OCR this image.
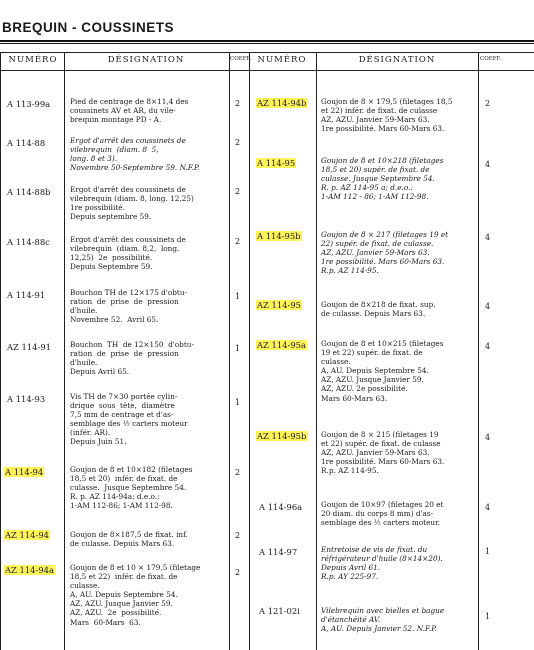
BREQUIN - COUSSINETS
NUMÉRO	DÉSIGNATION	COEFF. NUMÉRO	DÉSIGNATION	COEFF.
A 113-99a	Pied de centrage de 8×11,4 des
coussinets AV et AR, du vile-
brequin montage PD - A.
2
A 114-88	Ergot d'arrêt des coussinets de
vilebrequin  (diam. 8  5,
long. 8 et 3).
Novembre 50-Septembre 59. N.F.P.
2
A 114-88b	Ergot d'arrêt des coussinets de
vilebrequin (diam. 8, long. 12,25)
1re possibilité.
Depuis septembre 59.
2
A 114-88c	Ergot d'arrêt des coussinets de
vilebrequin  (diam. 8,2,  long.
12,25)  2e  possibilité.
Depuis Septembre 59.
2
A 114-91	Bouchon TH de 12×175 d'obtu-
ration  de  prise  de  pression
d'huile.
Novembre 52.  Avril 65.
1
AZ 114-91	Bouchon  TH  de 12×150  d'obtu-
ration  de  prise  de  pression
d'huile.
Depuis Avril 65.
1
A 114-93	Vis TH de 7×30 portée cylin-
drique  sous  tête,  diamètre
7,5 mm de centrage et d'as-
semblage des ½ carters moteur
(infér. AR).
Depuis Juin 51.
1
A 114-94	Goujon de 8 et 10×182 (filetages
18,5 et 20)  infér. de fixat. de
culasse.  Jusque Septembre 54.
R. p. AZ 114-94a; d.e.o.:
1-AM 112-86; 1-AM 112-98.
2
AZ 114-94	Goujon de 8×187,5 de fixat. inf.
de culasse. Depuis Mars 63.
2
AZ 114-94a Goujon de 8 et 10 × 179,5 (filetage
18,5 et 22)  infér. de fixat. de
culasse.
A, AU. Depuis Septembre 54.
AZ, AZU. Jusque Janvier 59.
AZ, AZU.  2e  possibilité.
Mars  60-Mars  63.
2
AZ 114-94b Goujon de 8 × 179,5 (filetages 18,5
et 22) infér. de fixat. de culasse
AZ, AZU. Janvier 59-Mars 63.
1re possibilité. Mars 60-Mars 63.
2
A 114-95	Goujon de 8 et 10×218 (filetages
18,5 et 20) supér. de fixat. de
culasse. Jusque Septembre 54.
R. p. AZ 114-95 a; d.e.o.:
1-AM 112 - 86; 1-AM 112-98.
4
A 114-95b	Goujon de 8 × 217 (filetages 19 et
22) supér. de fixat. de culasse.
AZ, AZU. Janvier 59-Mars 63.
1re possibilité. Mars 60-Mars 63.
R.p. AZ 114-95.
4
AZ 114-95	Goujon de 8×218 de fixat. sup.
de culasse. Depuis Mars 63.
4
AZ 114-95a Goujon de 8 et 10×215 (filetages
19 et 22) supér. de fixat. de
culasse.
A, AU. Depuis Septembre 54.
AZ, AZU. Jusque Janvier 59.
AZ, AZU. 2e possibilité.
Mars 60-Mars 63.
4
AZ 114-95b Goujon de 8 × 215 (filetages 19
et 22) supér. de fixat. de culasse
AZ, AZU. Janvier 59-Mars 63.
1re possibilité. Mars 60-Mars 63.
R.p. AZ 114-95.
4
A 114-96a	Goujon de 10×97 (filetages 20 et
20 diam. du corps 8 mm) d'as-
semblage des ½ carters moteur.
4
A 114-97	Entretoise de vis de fixat. du
réfrigérateur d'huile (8×14×20).
Depuis Avril 61.
R.p. AY 225-97.
1
A 121-02i	Vilebrequin avec bielles et bague
d'étanchéité AV.
A, AU. Depuis Janvier 52. N.F.P.
1
